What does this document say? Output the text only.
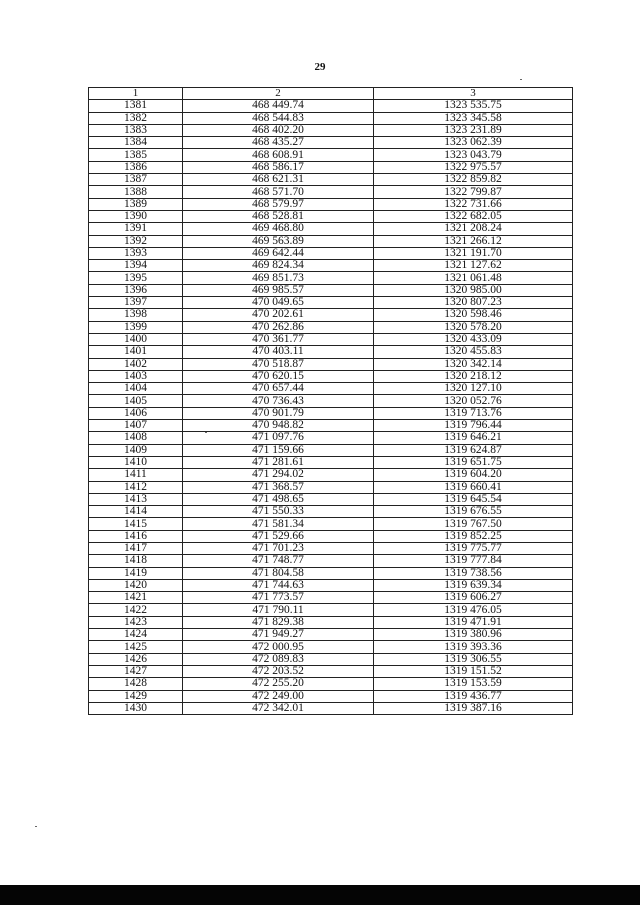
29
1	2	3
1381	468 449.74	1323 535.75
1382	468 544.83	1323 345.58
1383	468 402.20	1323 231.89
1384	468 435.27	1323 062.39
1385	468 608.91	1323 043.79
1386	468 586.17	1322 975.57
1387	468 621.31	1322 859.82
1388	468 571.70	1322 799.87
1389	468 579.97	1322 731.66
1390	468 528.81	1322 682.05
1391	469 468.80	1321 208.24
1392	469 563.89	1321 266.12
1393	469 642.44	1321 191.70
1394	469 824.34	1321 127.62
1395	469 851.73	1321 061.48
1396	469 985.57	1320 985.00
1397	470 049.65	1320 807.23
1398	470 202.61	1320 598.46
1399	470 262.86	1320 578.20
1400	470 361.77	1320 433.09
1401	470 403.11	1320 455.83
1402	470 518.87	1320 342.14
1403	470 620.15	1320 218.12
1404	470 657.44	1320 127.10
1405	470 736.43	1320 052.76
1406	470 901.79	1319 713.76
1407	470 948.82	1319 796.44
1408	471 097.76	1319 646.21
1409	471 159.66	1319 624.87
1410	471 281.61	1319 651.75
1411	471 294.02	1319 604.20
1412	471 368.57	1319 660.41
1413	471 498.65	1319 645.54
1414	471 550.33	1319 676.55
1415	471 581.34	1319 767.50
1416	471 529.66	1319 852.25
1417	471 701.23	1319 775.77
1418	471 748.77	1319 777.84
1419	471 804.58	1319 738.56
1420	471 744.63	1319 639.34
1421	471 773.57	1319 606.27
1422	471 790.11	1319 476.05
1423	471 829.38	1319 471.91
1424	471 949.27	1319 380.96
1425	472 000.95	1319 393.36
1426	472 089.83	1319 306.55
1427	472 203.52	1319 151.52
1428	472 255.20	1319 153.59
1429	472 249.00	1319 436.77
1430	472 342.01	1319 387.16
